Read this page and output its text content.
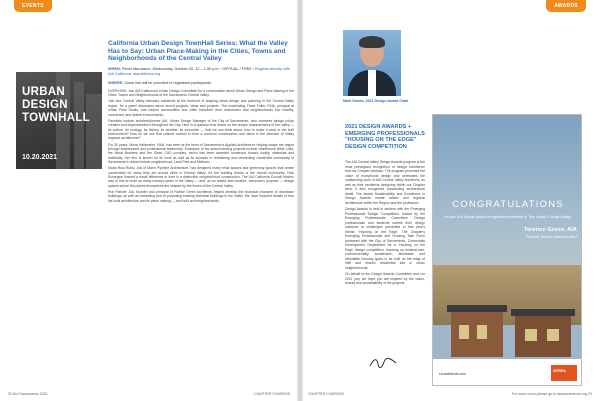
EVENTS
URBAN
DESIGN
TOWNHALL
10.20.2021
California Urban Design TownHall Series: What the Valley Has to Say: Urban Place-Making in the Cities, Towns and Neighborhoods of the Central Valley
WHEN: Panel discussion: Wednesday, October 20, 12 – 1:30 p.m. / VIRTUAL / FREE / Register directly with AIA California: aiacalifornia.org
WHERE: Zoom link will be provided to registered participants.

OVERVIEW: Join AIA California's Urban Design Committee for a conversation about Urban Design and Place-Making in the Cities, Towns and Neighborhoods of the Sacramento Central Valley.

Join four Central Valley visionary architects at the forefront of shaping urban design and planning in the Central Valley region, for a panel discussion about recent projects, ideas and projects. The moderating Frank Fuller, FAIA, principal at Urban Field Studio, has helped communities and cities transform their downtowns and neighborhoods into healthy, connected, and livable environments.

Panelists include architect/planner AIA, Urban Design Manager of the City of Sacramento, who oversees design policy creation and implementation throughout the City. Here is a question that draws on the unique characteristics of the valley — its culture, its ecology, its history, its weather, its economic — that we can think about: how to make it work in the built environment? How do we use that cultural context to form a common conversation and vision in the direction of Valley regional architecture?

For 30 years, Mona Hallemeier, FAIA, has been at the helm of Sacramento's Applied Architecture helping shape the region through architectural and professional leadership. Examples of his award-winning projects include Warehouse Artist Lofts, the Mural Brothers and the Oliver CAD complex, which has been awarded numerous honors locally, statewide and nationally. Her firm is known for its work as well as its success in revitalizing and reinventing residential community in Sacramento's oldest historic neighborhood, Land Park and Midtown.

Maria Ruiz-Rubio, AIA of Marin Pipeline Architecture, has designed many retail spaces and greenway spaces that create connectivity for many they are across cities in Central Valley; it's the building blocks of the overall community. How Ecoregion framed a small difference in tone is a distinctive neighborhood construction. The AIA California Council historic was in this at heart as many industry years in the Valley — and, as an artistic and creative, everyone's purpose — design spaces where the places themselves are shaped by the forces of the Central Valley.

Ron Flahive, AIA, founder and principal of Flahive Green Architects, helped develop the historical character of downtown buildings, as well as reclaiming and re-purposing existing historical buildings in the Valley. We have included details of how his local architecture and its place making — and built and neighborhoods.

22 AIA Sacramento 2021	CHAPTER COMPASS
AWARDS
CHAPTER COMPASS	For more news please go to aiasacramento.org 23
Mark Dodds, 2021 Design Award Chair
2021 DESIGN AWARDS + EMERGING PROFESSIONALS "HOUSING ON THE EDGE" DESIGN COMPETITION

The AIA Central Valley Design Awards program is the most prestigious recognition of design excellence that our Chapter bestows. The program promotes the value of exceptional design and celebrates the outstanding work of AIA Central Valley architects, as well as their architects designing within our Chapter area. It also recognizes outstanding architectural detail. The Award Sustainability and Excellence in Design Awards create artistic and regional architecture within the Region and the profession.

Design Awards is held in tandem with the Emerging Professionals Design Competition, hosted by the Emerging Professionals Committee. Design professionals and students submit their design solutions to challenges presented in this year's theme, 'Housing on the Edge.' The Chapter's Emerging Professionals and Housing Task Force partnered with the City of Sacramento, Community Development Department for a 'Housing on the Edge' design competition, focusing on minimal-size, environmentally sustainable, affordable and affordable housing types to be built on the edge of infill and shared residential lots in urban neighborhoods.

On behalf of the Design Awards Committee and our 2021 jury, we hope you are inspired by the vision, beauty and sustainability of the projects.

CONGRATULATIONS
on your AIA Design Award recognizing excellence in Tiny Living & Social Design
Terence Green, AIA
Principal, Terence Green Architect
sd-architects.com
SIERRA
